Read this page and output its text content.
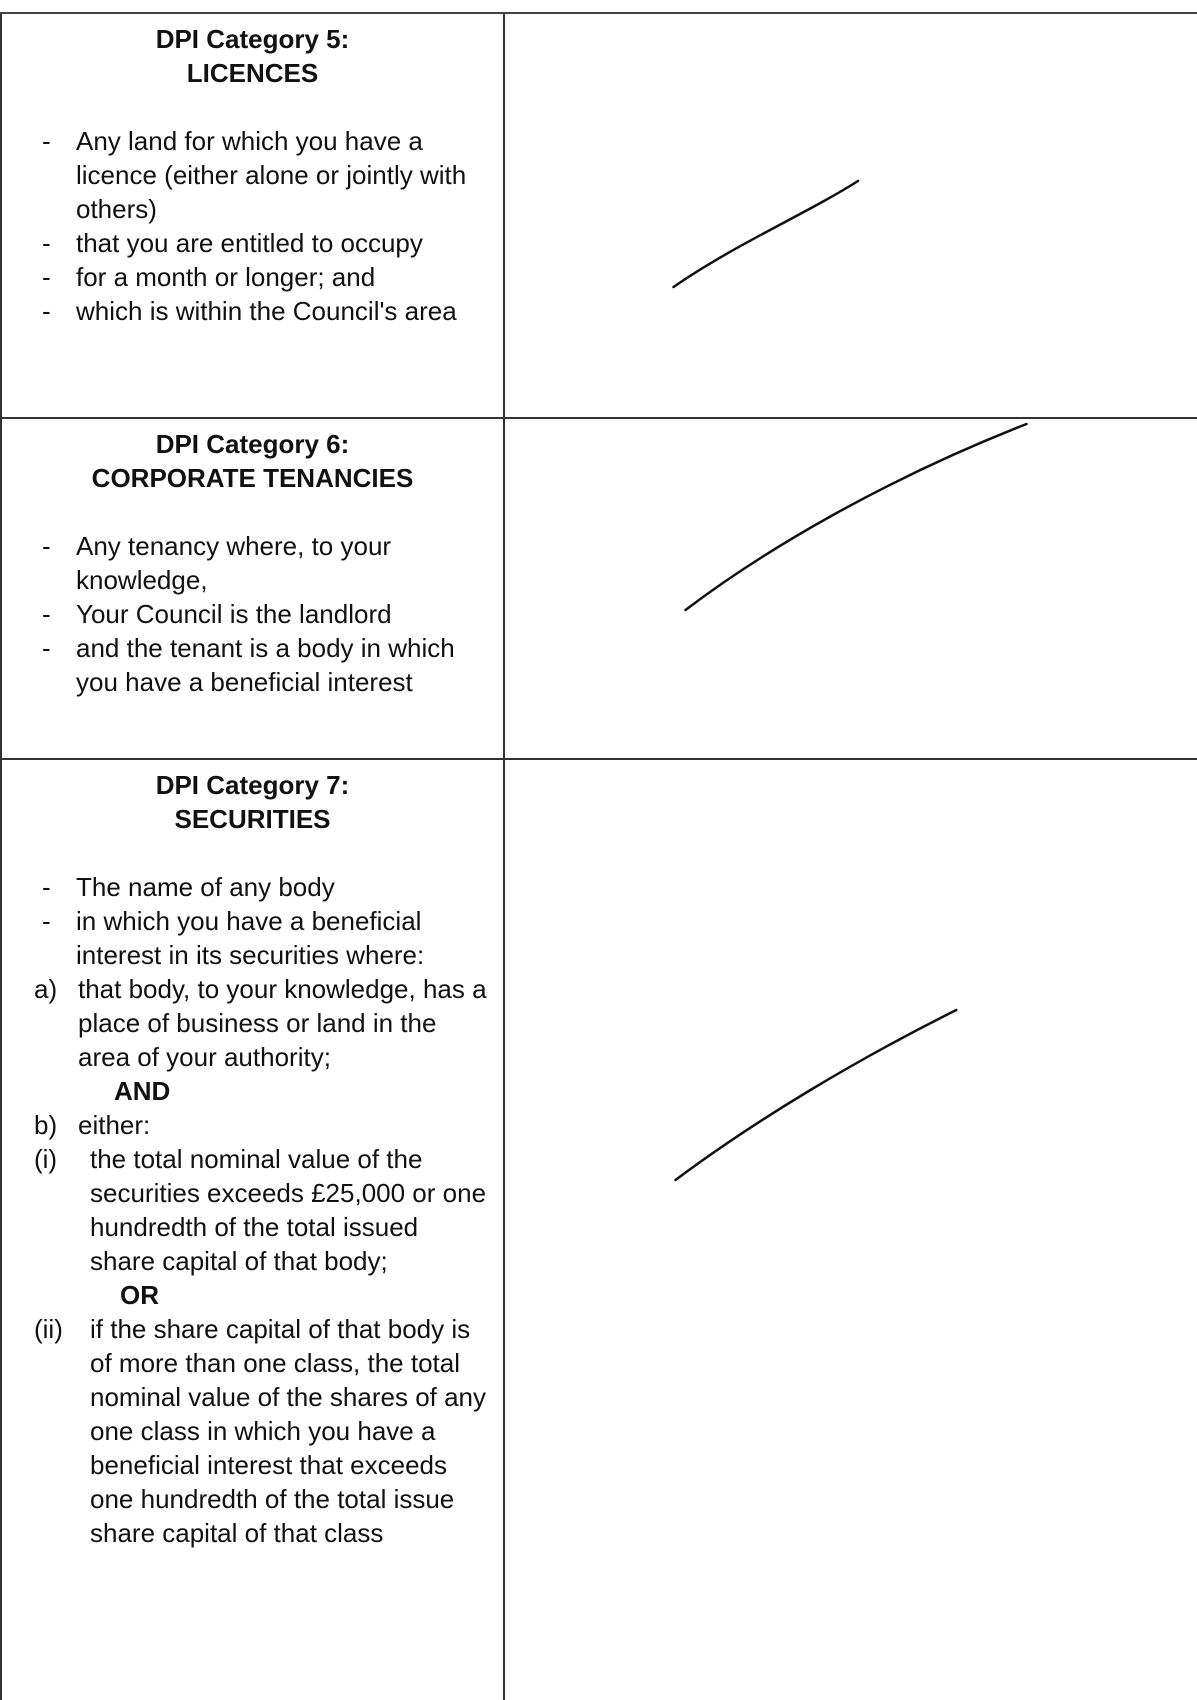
DPI Category 5:
LICENCES
- Any land for which you have a licence (either alone or jointly with others)
- that you are entitled to occupy
- for a month or longer; and
- which is within the Council's area
DPI Category 6:
CORPORATE TENANCIES
- Any tenancy where, to your knowledge,
- Your Council is the landlord
- and the tenant is a body in which you have a beneficial interest
DPI Category 7:
SECURITIES
- The name of any body
- in which you have a beneficial interest in its securities where:
a) that body, to your knowledge, has a place of business or land in the area of your authority;
AND
b) either:
(i)	the total nominal value of the securities exceeds £25,000 or one hundredth of the total issued share capital of that body;
OR
(ii)	if the share capital of that body is of more than one class, the total nominal value of the shares of any one class in which you have a beneficial interest that exceeds one hundredth of the total issue share capital of that class
